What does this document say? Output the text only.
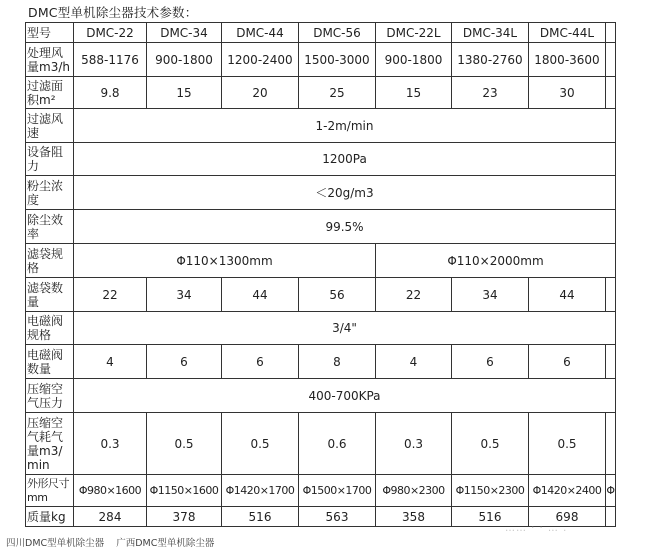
DMC型单机除尘器技术参数：
型号	DMC-22	DMC-34	DMC-44	DMC-56	DMC-22L	DMC-34L	DMC-44L	
处理风量m3/h	588-1176	900-1800	1200-2400	1500-3000	900-1800	1380-2760	1800-3600	
过滤面积m²	9.8	15	20	25	15	23	30	
过滤风速	1-2m/min							
设备阻力	1200Pa							
粉尘浓度	＜20g/m3							
除尘效率	99.5%							
滤袋规格	Φ110×1300mm				Φ110×2000mm			
滤袋数量	22	34	44	56	22	34	44	
电磁阀规格	3/4"							
电磁阀数量	4	6	6	8	4	6	6	
压缩空气压力	400-700KPa							
压缩空气耗气量m3/min	0.3	0.5	0.5	0.6	0.3	0.5	0.5	
外形尺寸mm	Φ980×1600	Φ1150×1600	Φ1420×1700	Φ1500×1700	Φ980×2300	Φ1150×2300	Φ1420×2400	Φ
质量kg	284	378	516	563	358	516	698	
…… · · … .
四川DMC型单机除尘器    广西DMC型单机除尘器
